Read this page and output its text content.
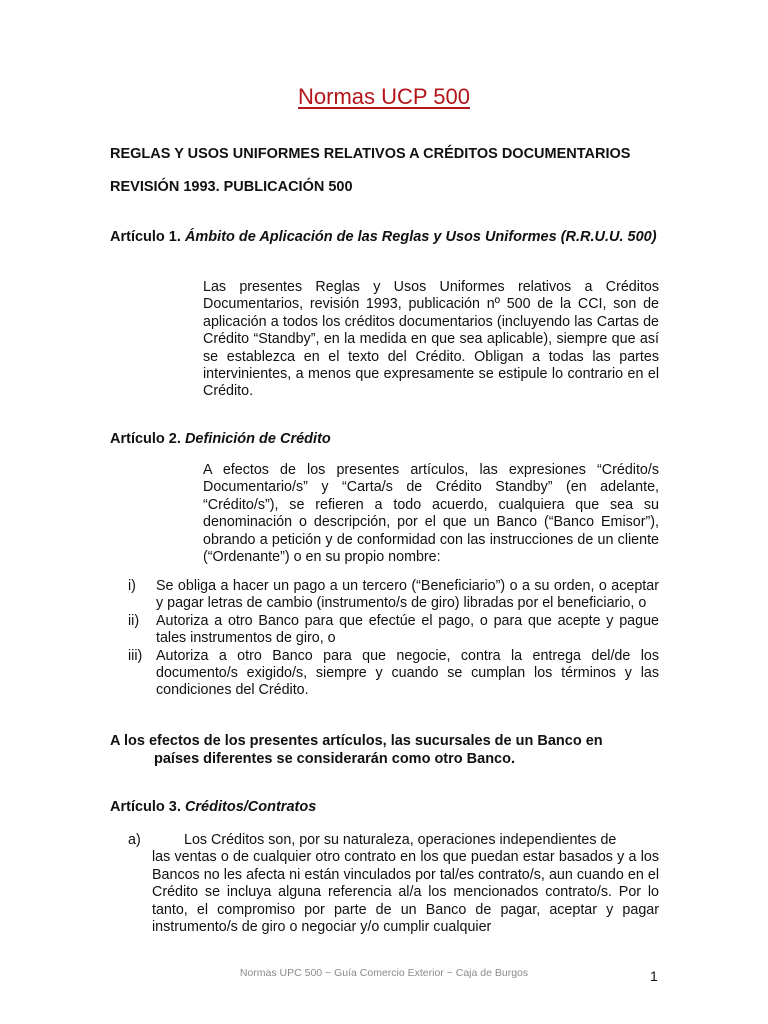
Normas UCP 500
REGLAS Y USOS UNIFORMES RELATIVOS A CRÉDITOS DOCUMENTARIOS
REVISIÓN 1993. PUBLICACIÓN 500
Artículo 1. Ámbito de Aplicación de las Reglas y Usos Uniformes (R.R.U.U. 500)

Las presentes Reglas y Usos Uniformes relativos a Créditos Documentarios, revisión 1993, publicación nº 500 de la CCI, son de aplicación a todos los créditos documentarios (incluyendo las Cartas de Crédito “Standby”, en la medida en que sea aplicable), siempre que así se establezca en el texto del Crédito. Obligan a todas las partes intervinientes, a menos que expresamente se estipule lo contrario en el Crédito.

Artículo 2. Definición de Crédito

A efectos de los presentes artículos, las expresiones “Crédito/s Documentario/s” y “Carta/s de Crédito Standby” (en adelante, “Crédito/s”), se refieren a todo acuerdo, cualquiera que sea su denominación o descripción, por el que un Banco (“Banco Emisor”), obrando a petición y de conformidad con las instrucciones de un cliente (“Ordenante”) o en su propio nombre:

i) Se obliga a hacer un pago a un tercero (“Beneficiario”) o a su orden, o aceptar y pagar letras de cambio (instrumento/s de giro) libradas por el beneficiario, o
ii) Autoriza a otro Banco para que efectúe el pago, o para que acepte y pague tales instrumentos de giro, o
iii) Autoriza a otro Banco para que negocie, contra la entrega del/de los documento/s exigido/s, siempre y cuando se cumplan los términos y las condiciones del Crédito.
A los efectos de los presentes artículos, las sucursales de un Banco en
países diferentes se considerarán como otro Banco.
Artículo 3. Créditos/Contratos
a)	Los Créditos son, por su naturaleza, operaciones independientes de
las ventas o de cualquier otro contrato en los que puedan estar basados y a los Bancos no les afecta ni están vinculados por tal/es contrato/s, aun cuando en el Crédito se incluya alguna referencia al/a los mencionados contrato/s. Por lo tanto, el compromiso por parte de un Banco de pagar, aceptar y pagar instrumento/s de giro o negociar y/o cumplir cualquier
Normas UPC 500 ~ Guía Comercio Exterior ~ Caja de Burgos	1
